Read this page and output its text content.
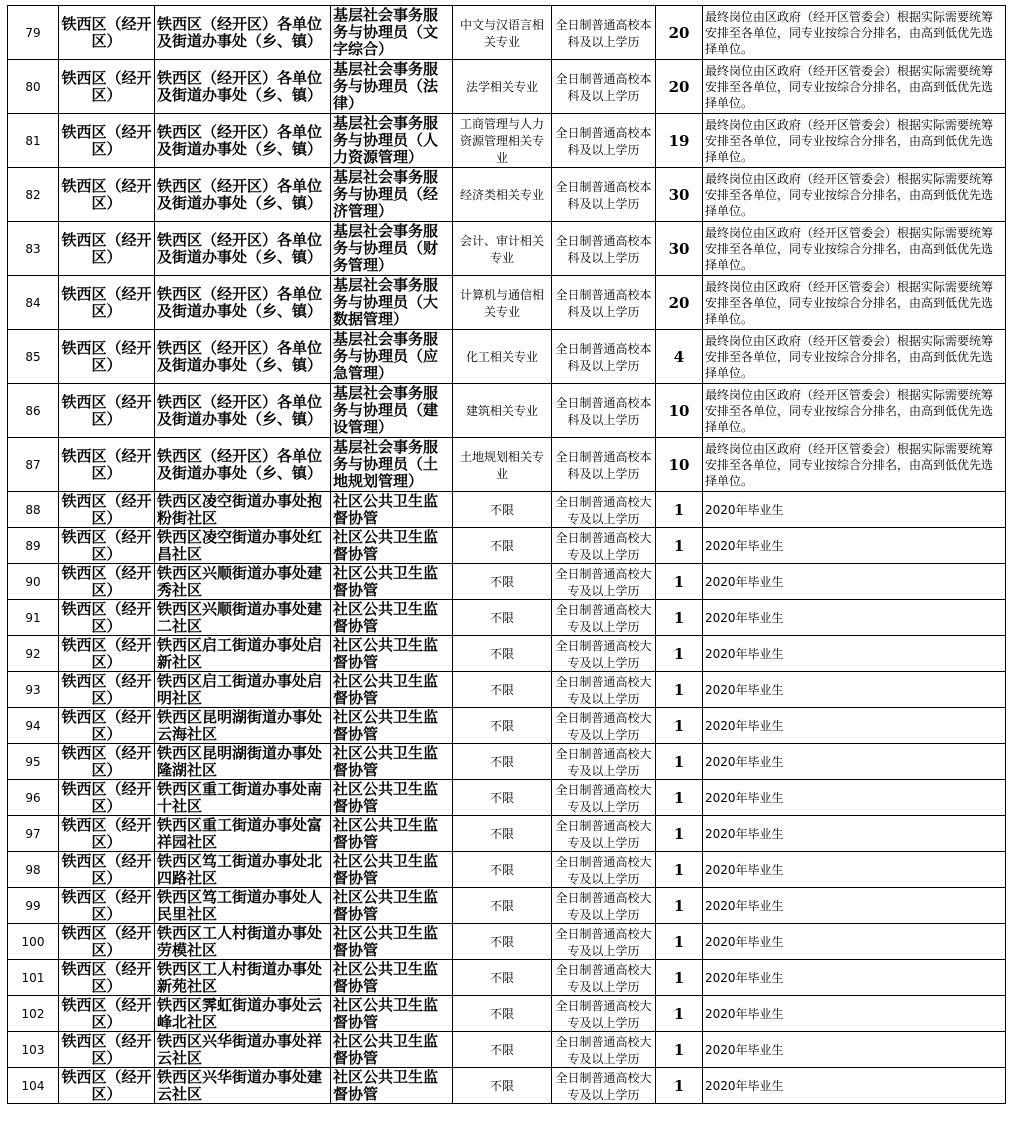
79	铁西区（经开区）	铁西区（经开区）各单位及街道办事处（乡、镇）	基层社会事务服务与协理员（文字综合）	中文与汉语言相关专业	全日制普通高校本科及以上学历	20	最终岗位由区政府（经开区管委会）根据实际需要统筹安排至各单位，同专业按综合分排名，由高到低优先选择单位。
80	铁西区（经开区）	铁西区（经开区）各单位及街道办事处（乡、镇）	基层社会事务服务与协理员（法律）	法学相关专业	全日制普通高校本科及以上学历	20	最终岗位由区政府（经开区管委会）根据实际需要统筹安排至各单位，同专业按综合分排名，由高到低优先选择单位。
81	铁西区（经开区）	铁西区（经开区）各单位及街道办事处（乡、镇）	基层社会事务服务与协理员（人力资源管理）	工商管理与人力资源管理相关专业	全日制普通高校本科及以上学历	19	最终岗位由区政府（经开区管委会）根据实际需要统筹安排至各单位，同专业按综合分排名，由高到低优先选择单位。
82	铁西区（经开区）	铁西区（经开区）各单位及街道办事处（乡、镇）	基层社会事务服务与协理员（经济管理）	经济类相关专业	全日制普通高校本科及以上学历	30	最终岗位由区政府（经开区管委会）根据实际需要统筹安排至各单位，同专业按综合分排名，由高到低优先选择单位。
83	铁西区（经开区）	铁西区（经开区）各单位及街道办事处（乡、镇）	基层社会事务服务与协理员（财务管理）	会计、审计相关专业	全日制普通高校本科及以上学历	30	最终岗位由区政府（经开区管委会）根据实际需要统筹安排至各单位，同专业按综合分排名，由高到低优先选择单位。
84	铁西区（经开区）	铁西区（经开区）各单位及街道办事处（乡、镇）	基层社会事务服务与协理员（大数据管理）	计算机与通信相关专业	全日制普通高校本科及以上学历	20	最终岗位由区政府（经开区管委会）根据实际需要统筹安排至各单位，同专业按综合分排名，由高到低优先选择单位。
85	铁西区（经开区）	铁西区（经开区）各单位及街道办事处（乡、镇）	基层社会事务服务与协理员（应急管理）	化工相关专业	全日制普通高校本科及以上学历	4	最终岗位由区政府（经开区管委会）根据实际需要统筹安排至各单位，同专业按综合分排名，由高到低优先选择单位。
86	铁西区（经开区）	铁西区（经开区）各单位及街道办事处（乡、镇）	基层社会事务服务与协理员（建设管理）	建筑相关专业	全日制普通高校本科及以上学历	10	最终岗位由区政府（经开区管委会）根据实际需要统筹安排至各单位，同专业按综合分排名，由高到低优先选择单位。
87	铁西区（经开区）	铁西区（经开区）各单位及街道办事处（乡、镇）	基层社会事务服务与协理员（土地规划管理）	土地规划相关专业	全日制普通高校本科及以上学历	10	最终岗位由区政府（经开区管委会）根据实际需要统筹安排至各单位，同专业按综合分排名，由高到低优先选择单位。
88	铁西区（经开区）	铁西区凌空街道办事处抱粉街社区	社区公共卫生监督协管	不限	全日制普通高校大专及以上学历	1	2020年毕业生
89	铁西区（经开区）	铁西区凌空街道办事处红昌社区	社区公共卫生监督协管	不限	全日制普通高校大专及以上学历	1	2020年毕业生
90	铁西区（经开区）	铁西区兴顺街道办事处建秀社区	社区公共卫生监督协管	不限	全日制普通高校大专及以上学历	1	2020年毕业生
91	铁西区（经开区）	铁西区兴顺街道办事处建二社区	社区公共卫生监督协管	不限	全日制普通高校大专及以上学历	1	2020年毕业生
92	铁西区（经开区）	铁西区启工街道办事处启新社区	社区公共卫生监督协管	不限	全日制普通高校大专及以上学历	1	2020年毕业生
93	铁西区（经开区）	铁西区启工街道办事处启明社区	社区公共卫生监督协管	不限	全日制普通高校大专及以上学历	1	2020年毕业生
94	铁西区（经开区）	铁西区昆明湖街道办事处云海社区	社区公共卫生监督协管	不限	全日制普通高校大专及以上学历	1	2020年毕业生
95	铁西区（经开区）	铁西区昆明湖街道办事处隆湖社区	社区公共卫生监督协管	不限	全日制普通高校大专及以上学历	1	2020年毕业生
96	铁西区（经开区）	铁西区重工街道办事处南十社区	社区公共卫生监督协管	不限	全日制普通高校大专及以上学历	1	2020年毕业生
97	铁西区（经开区）	铁西区重工街道办事处富祥园社区	社区公共卫生监督协管	不限	全日制普通高校大专及以上学历	1	2020年毕业生
98	铁西区（经开区）	铁西区笃工街道办事处北四路社区	社区公共卫生监督协管	不限	全日制普通高校大专及以上学历	1	2020年毕业生
99	铁西区（经开区）	铁西区笃工街道办事处人民里社区	社区公共卫生监督协管	不限	全日制普通高校大专及以上学历	1	2020年毕业生
100	铁西区（经开区）	铁西区工人村街道办事处劳模社区	社区公共卫生监督协管	不限	全日制普通高校大专及以上学历	1	2020年毕业生
101	铁西区（经开区）	铁西区工人村街道办事处新苑社区	社区公共卫生监督协管	不限	全日制普通高校大专及以上学历	1	2020年毕业生
102	铁西区（经开区）	铁西区霁虹街道办事处云峰北社区	社区公共卫生监督协管	不限	全日制普通高校大专及以上学历	1	2020年毕业生
103	铁西区（经开区）	铁西区兴华街道办事处祥云社区	社区公共卫生监督协管	不限	全日制普通高校大专及以上学历	1	2020年毕业生
104	铁西区（经开区）	铁西区兴华街道办事处建云社区	社区公共卫生监督协管	不限	全日制普通高校大专及以上学历	1	2020年毕业生
